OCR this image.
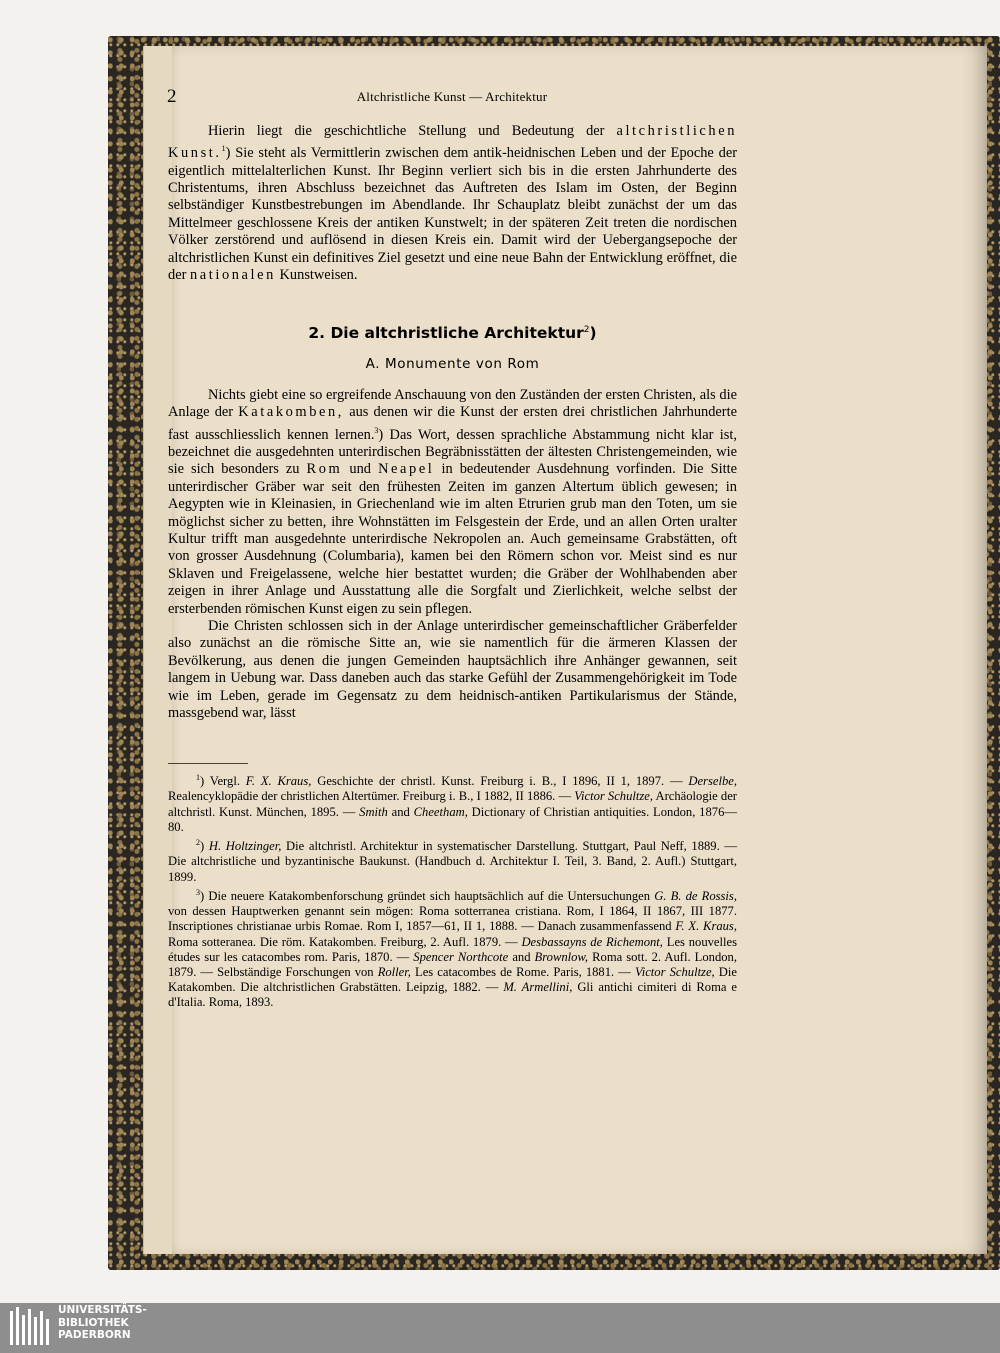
2	Altchristliche Kunst — Architektur

Hierin liegt die geschichtliche Stellung und Bedeutung der altchristlichen Kunst.$^1$) Sie steht als Vermittlerin zwischen dem antik-heidnischen Leben und der Epoche der eigentlich mittelalterlichen Kunst. Ihr Beginn verliert sich bis in die ersten Jahrhunderte des Christentums, ihren Abschluss bezeichnet das Auftreten des Islam im Osten, der Beginn selbständiger Kunstbestrebungen im Abendlande. Ihr Schauplatz bleibt zunächst der um das Mittelmeer geschlossene Kreis der antiken Kunstwelt; in der späteren Zeit treten die nordischen Völker zerstörend und auflösend in diesen Kreis ein. Damit wird der Uebergangsepoche der altchristlichen Kunst ein definitives Ziel gesetzt und eine neue Bahn der Entwicklung eröffnet, die der nationalen Kunstweisen.

2. Die altchristliche Architektur$^2$)
A. Monumente von Rom

Nichts giebt eine so ergreifende Anschauung von den Zuständen der ersten Christen, als die Anlage der Katakomben, aus denen wir die Kunst der ersten drei christlichen Jahrhunderte fast ausschliesslich kennen lernen.$^3$) Das Wort, dessen sprachliche Abstammung nicht klar ist, bezeichnet die ausgedehnten unterirdischen Begräbnisstätten der ältesten Christengemeinden, wie sie sich besonders zu Rom und Neapel in bedeutender Ausdehnung vorfinden. Die Sitte unterirdischer Gräber war seit den frühesten Zeiten im ganzen Altertum üblich gewesen; in Aegypten wie in Kleinasien, in Griechenland wie im alten Etrurien grub man den Toten, um sie möglichst sicher zu betten, ihre Wohnstätten im Felsgestein der Erde, und an allen Orten uralter Kultur trifft man ausgedehnte unterirdische Nekropolen an. Auch gemeinsame Grabstätten, oft von grosser Ausdehnung (Columbaria), kamen bei den Römern schon vor. Meist sind es nur Sklaven und Freigelassene, welche hier bestattet wurden; die Gräber der Wohlhabenden aber zeigen in ihrer Anlage und Ausstattung alle die Sorgfalt und Zierlichkeit, welche selbst der ersterbenden römischen Kunst eigen zu sein pflegen.

Die Christen schlossen sich in der Anlage unterirdischer gemeinschaftlicher Gräberfelder also zunächst an die römische Sitte an, wie sie namentlich für die ärmeren Klassen der Bevölkerung, aus denen die jungen Gemeinden hauptsächlich ihre Anhänger gewannen, seit langem in Uebung war. Dass daneben auch das starke Gefühl der Zusammengehörigkeit im Tode wie im Leben, gerade im Gegensatz zu dem heidnisch-antiken Partikularismus der Stände, massgebend war, lässt

$^1$) Vergl. F. X. Kraus, Geschichte der christl. Kunst. Freiburg i. B., I 1896, II 1, 1897. — Derselbe, Realencyklopädie der christlichen Altertümer. Freiburg i. B., I 1882, II 1886. — Victor Schultze, Archäologie der altchristl. Kunst. München, 1895. — Smith and Cheetham, Dictionary of Christian antiquities. London, 1876—80.

$^2$) H. Holtzinger, Die altchristl. Architektur in systematischer Darstellung. Stuttgart, Paul Neff, 1889. — Die altchristliche und byzantinische Baukunst. (Handbuch d. Architektur I. Teil, 3. Band, 2. Aufl.) Stuttgart, 1899.

$^3$) Die neuere Katakombenforschung gründet sich hauptsächlich auf die Untersuchungen G. B. de Rossis, von dessen Hauptwerken genannt sein mögen: Roma sotterranea cristiana. Rom, I 1864, II 1867, III 1877. Inscriptiones christianae urbis Romae. Rom I, 1857—61, II 1, 1888. — Danach zusammenfassend F. X. Kraus, Roma sotteranea. Die röm. Katakomben. Freiburg, 2. Aufl. 1879. — Desbassayns de Richemont, Les nouvelles études sur les catacombes rom. Paris, 1870. — Spencer Northcote and Brownlow, Roma sott. 2. Aufl. London, 1879. — Selbständige Forschungen von Roller, Les catacombes de Rome. Paris, 1881. — Victor Schultze, Die Katakomben. Die altchristlichen Grabstätten. Leipzig, 1882. — M. Armellini, Gli antichi cimiteri di Roma e d'Italia. Roma, 1893.

UNIVERSITÄTS-
BIBLIOTHEK
PADERBORN
